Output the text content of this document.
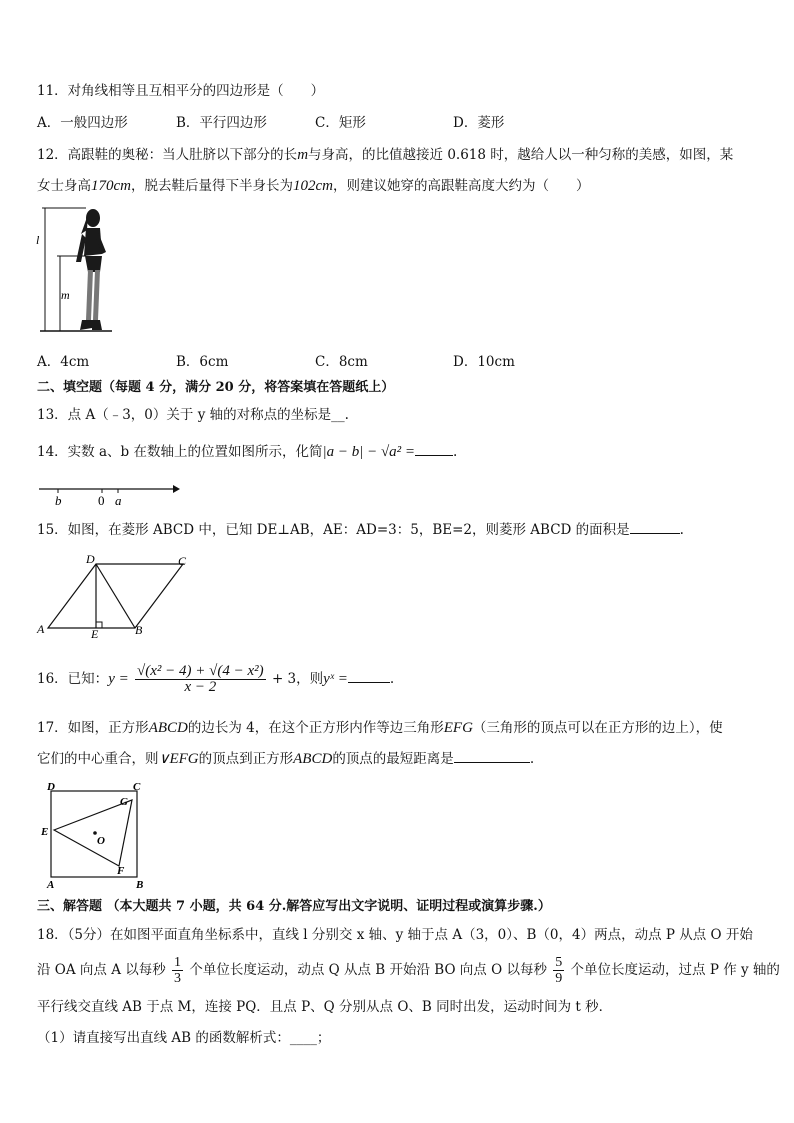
11．对角线相等且互相平分的四边形是（　　）
A．一般四边形	B．平行四边形	C．矩形	D．菱形
12．高跟鞋的奥秘：当人肚脐以下部分的长m与身高，的比值越接近 0.618 时，越给人以一种匀称的美感，如图，某
女士身高170cm，脱去鞋后量得下半身长为102cm，则建议她穿的高跟鞋高度大约为（　　）
l
m
A．4cm	B．6cm	C．8cm	D．10cm
二、填空题（每题 4 分，满分 20 分，将答案填在答题纸上）
13．点 A（﹣3，0）关于 y 轴的对称点的坐标是__.
14．实数 a、b 在数轴上的位置如图所示，化简|a − b| − √a² =	.
b	0 a
15．如图，在菱形 ABCD 中，已知 DE⊥AB，AE：AD=3：5，BE=2，则菱形 ABCD 的面积是	.
D	C
A	E	B
16．已知：$y = \frac{\text{√(x² − 4) + √(4 − x²)}}{x - 2} + 3$，则yˣ =	.
17．如图，正方形ABCD的边长为 4，在这个正方形内作等边三角形EFG（三角形的顶点可以在正方形的边上），使
它们的中心重合，则∨EFG的顶点到正方形ABCD的顶点的最短距离是	.
D	C
G
E
O
F
A	B
三、解答题 （本大题共 7 小题，共 64 分.解答应写出文字说明、证明过程或演算步骤.）
18．（5分）在如图平面直角坐标系中，直线 l 分别交 x 轴、y 轴于点 A（3，0）、B（0，4）两点，动点 P 从点 O 开始
沿 OA 向点 A 以每秒 $\frac{1}{3}$ 个单位长度运动，动点 Q 从点 B 开始沿 BO 向点 O 以每秒 $\frac{5}{9}$ 个单位长度运动，过点 P 作 y 轴的
平行线交直线 AB 于点 M，连接 PQ．且点 P、Q 分别从点 O、B 同时出发，运动时间为 t 秒．
（1）请直接写出直线 AB 的函数解析式：____；
